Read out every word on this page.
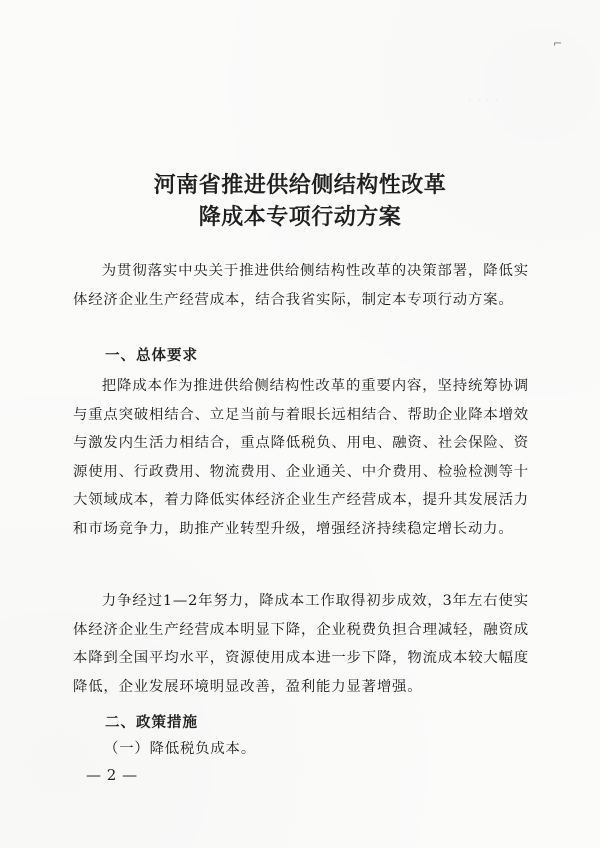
⌐
· · · ·
河南省推进供给侧结构性改革
降成本专项行动方案
为贯彻落实中央关于推进供给侧结构性改革的决策部署，降低实体经济企业生产经营成本，结合我省实际，制定本专项行动方案。
一、总体要求
把降成本作为推进供给侧结构性改革的重要内容，坚持统筹协调与重点突破相结合、立足当前与着眼长远相结合、帮助企业降本增效与激发内生活力相结合，重点降低税负、用电、融资、社会保险、资源使用、行政费用、物流费用、企业通关、中介费用、检验检测等十大领域成本，着力降低实体经济企业生产经营成本，提升其发展活力和市场竞争力，助推产业转型升级，增强经济持续稳定增长动力。
力争经过1—2年努力，降成本工作取得初步成效，3年左右使实体经济企业生产经营成本明显下降，企业税费负担合理减轻，融资成本降到全国平均水平，资源使用成本进一步下降，物流成本较大幅度降低，企业发展环境明显改善，盈利能力显著增强。
二、政策措施
（一）降低税负成本。
— 2 —
